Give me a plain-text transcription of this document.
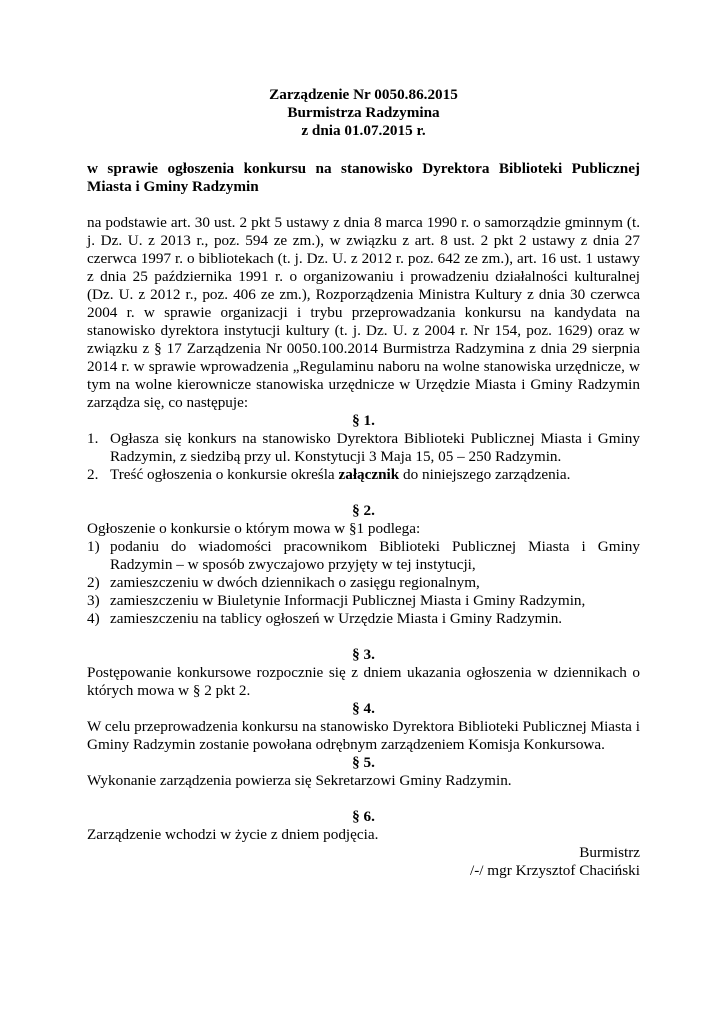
Zarządzenie Nr 0050.86.2015
Burmistrza Radzymina
z dnia 01.07.2015 r.
w sprawie ogłoszenia konkursu na stanowisko Dyrektora Biblioteki Publicznej Miasta i Gminy Radzymin
na podstawie art. 30 ust. 2 pkt 5 ustawy z dnia 8 marca 1990 r. o samorządzie gminnym (t. j. Dz. U. z 2013 r., poz. 594 ze zm.), w związku z art. 8 ust. 2 pkt 2 ustawy z dnia 27 czerwca 1997 r. o bibliotekach (t. j. Dz. U. z 2012 r. poz. 642 ze zm.), art. 16 ust. 1 ustawy z dnia 25 października 1991 r. o organizowaniu i prowadzeniu działalności kulturalnej (Dz. U. z 2012 r., poz. 406 ze zm.), Rozporządzenia Ministra Kultury z dnia 30 czerwca 2004 r. w sprawie organizacji i trybu przeprowadzania konkursu na kandydata na stanowisko dyrektora instytucji kultury (t. j. Dz. U. z 2004 r. Nr 154, poz. 1629) oraz w związku z § 17 Zarządzenia Nr 0050.100.2014 Burmistrza Radzymina z dnia 29 sierpnia 2014 r. w sprawie wprowadzenia „Regulaminu naboru na wolne stanowiska urzędnicze, w tym na wolne kierownicze stanowiska urzędnicze w Urzędzie Miasta i Gminy Radzymin zarządza się, co następuje:
§ 1.
1. Ogłasza się konkurs na stanowisko Dyrektora Biblioteki Publicznej Miasta i Gminy Radzymin, z siedzibą przy ul. Konstytucji 3 Maja 15, 05 – 250 Radzymin.
2. Treść ogłoszenia o konkursie określa załącznik do niniejszego zarządzenia.
§ 2.
Ogłoszenie o konkursie o którym mowa w §1 podlega:
1) podaniu do wiadomości pracownikom Biblioteki Publicznej Miasta i Gminy Radzymin – w sposób zwyczajowo przyjęty w tej instytucji,
2) zamieszczeniu w dwóch dziennikach o zasięgu regionalnym,
3) zamieszczeniu w Biuletynie Informacji Publicznej Miasta i Gminy Radzymin,
4) zamieszczeniu na tablicy ogłoszeń w Urzędzie Miasta i Gminy Radzymin.
§ 3.
Postępowanie konkursowe rozpocznie się z dniem ukazania ogłoszenia w dziennikach o których mowa w § 2 pkt 2.
§ 4.
W celu przeprowadzenia konkursu na stanowisko Dyrektora Biblioteki Publicznej Miasta i Gminy Radzymin zostanie powołana odrębnym zarządzeniem Komisja Konkursowa.
§ 5.
Wykonanie zarządzenia powierza się Sekretarzowi Gminy Radzymin.
§ 6.
Zarządzenie wchodzi w życie z dniem podjęcia.
Burmistrz
/-/ mgr Krzysztof Chaciński
